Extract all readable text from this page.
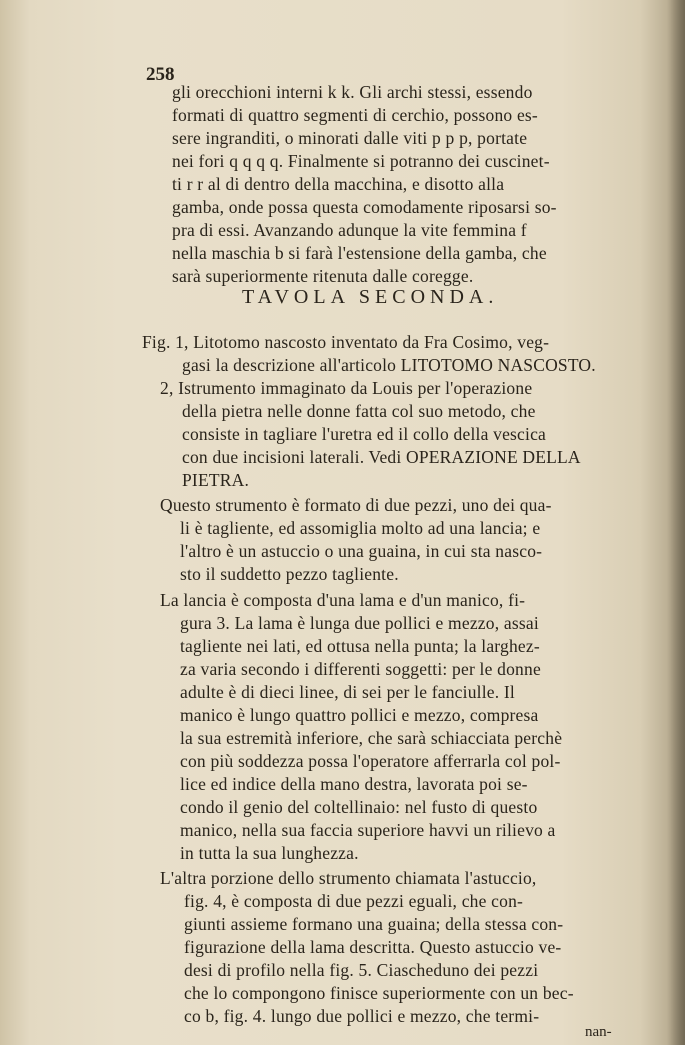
258
gli orecchioni interni k k. Gli archi stessi, essendo
formati di quattro segmenti di cerchio, possono es-
sere ingranditi, o minorati dalle viti p p p, portate
nei fori q q q q. Finalmente si potranno dei cuscinet-
ti r r al di dentro della macchina, e disotto alla
gamba, onde possa questa comodamente riposarsi so-
pra di essi. Avanzando adunque la vite femmina f
nella maschia b si farà l'estensione della gamba, che
sarà superiormente ritenuta dalle coregge.
TAVOLA SECONDA.
Fig. 1, Litotomo nascosto inventato da Fra Cosimo, veg-
gasi la descrizione all'articolo LITOTOMO NASCOSTO.
2, Istrumento immaginato da Louis per l'operazione
della pietra nelle donne fatta col suo metodo, che
consiste in tagliare l'uretra ed il collo della vescica
con due incisioni laterali. Vedi OPERAZIONE DELLA
PIETRA.
Questo strumento è formato di due pezzi, uno dei qua-
li è tagliente, ed assomiglia molto ad una lancia; e
l'altro è un astuccio o una guaina, in cui sta nasco-
sto il suddetto pezzo tagliente.
La lancia è composta d'una lama e d'un manico, fi-
gura 3. La lama è lunga due pollici e mezzo, assai
tagliente nei lati, ed ottusa nella punta; la larghez-
za varia secondo i differenti soggetti: per le donne
adulte è di dieci linee, di sei per le fanciulle. Il
manico è lungo quattro pollici e mezzo, compresa
la sua estremità inferiore, che sarà schiacciata perchè
con più soddezza possa l'operatore afferrarla col pol-
lice ed indice della mano destra, lavorata poi se-
condo il genio del coltellinaio: nel fusto di questo
manico, nella sua faccia superiore havvi un rilievo a
in tutta la sua lunghezza.
L'altra porzione dello strumento chiamata l'astuccio,
fig. 4, è composta di due pezzi eguali, che con-
giunti assieme formano una guaina; della stessa con-
figurazione della lama descritta. Questo astuccio ve-
desi di profilo nella fig. 5. Ciascheduno dei pezzi
che lo compongono finisce superiormente con un bec-
co b, fig. 4. lungo due pollici e mezzo, che termi-
nan-
